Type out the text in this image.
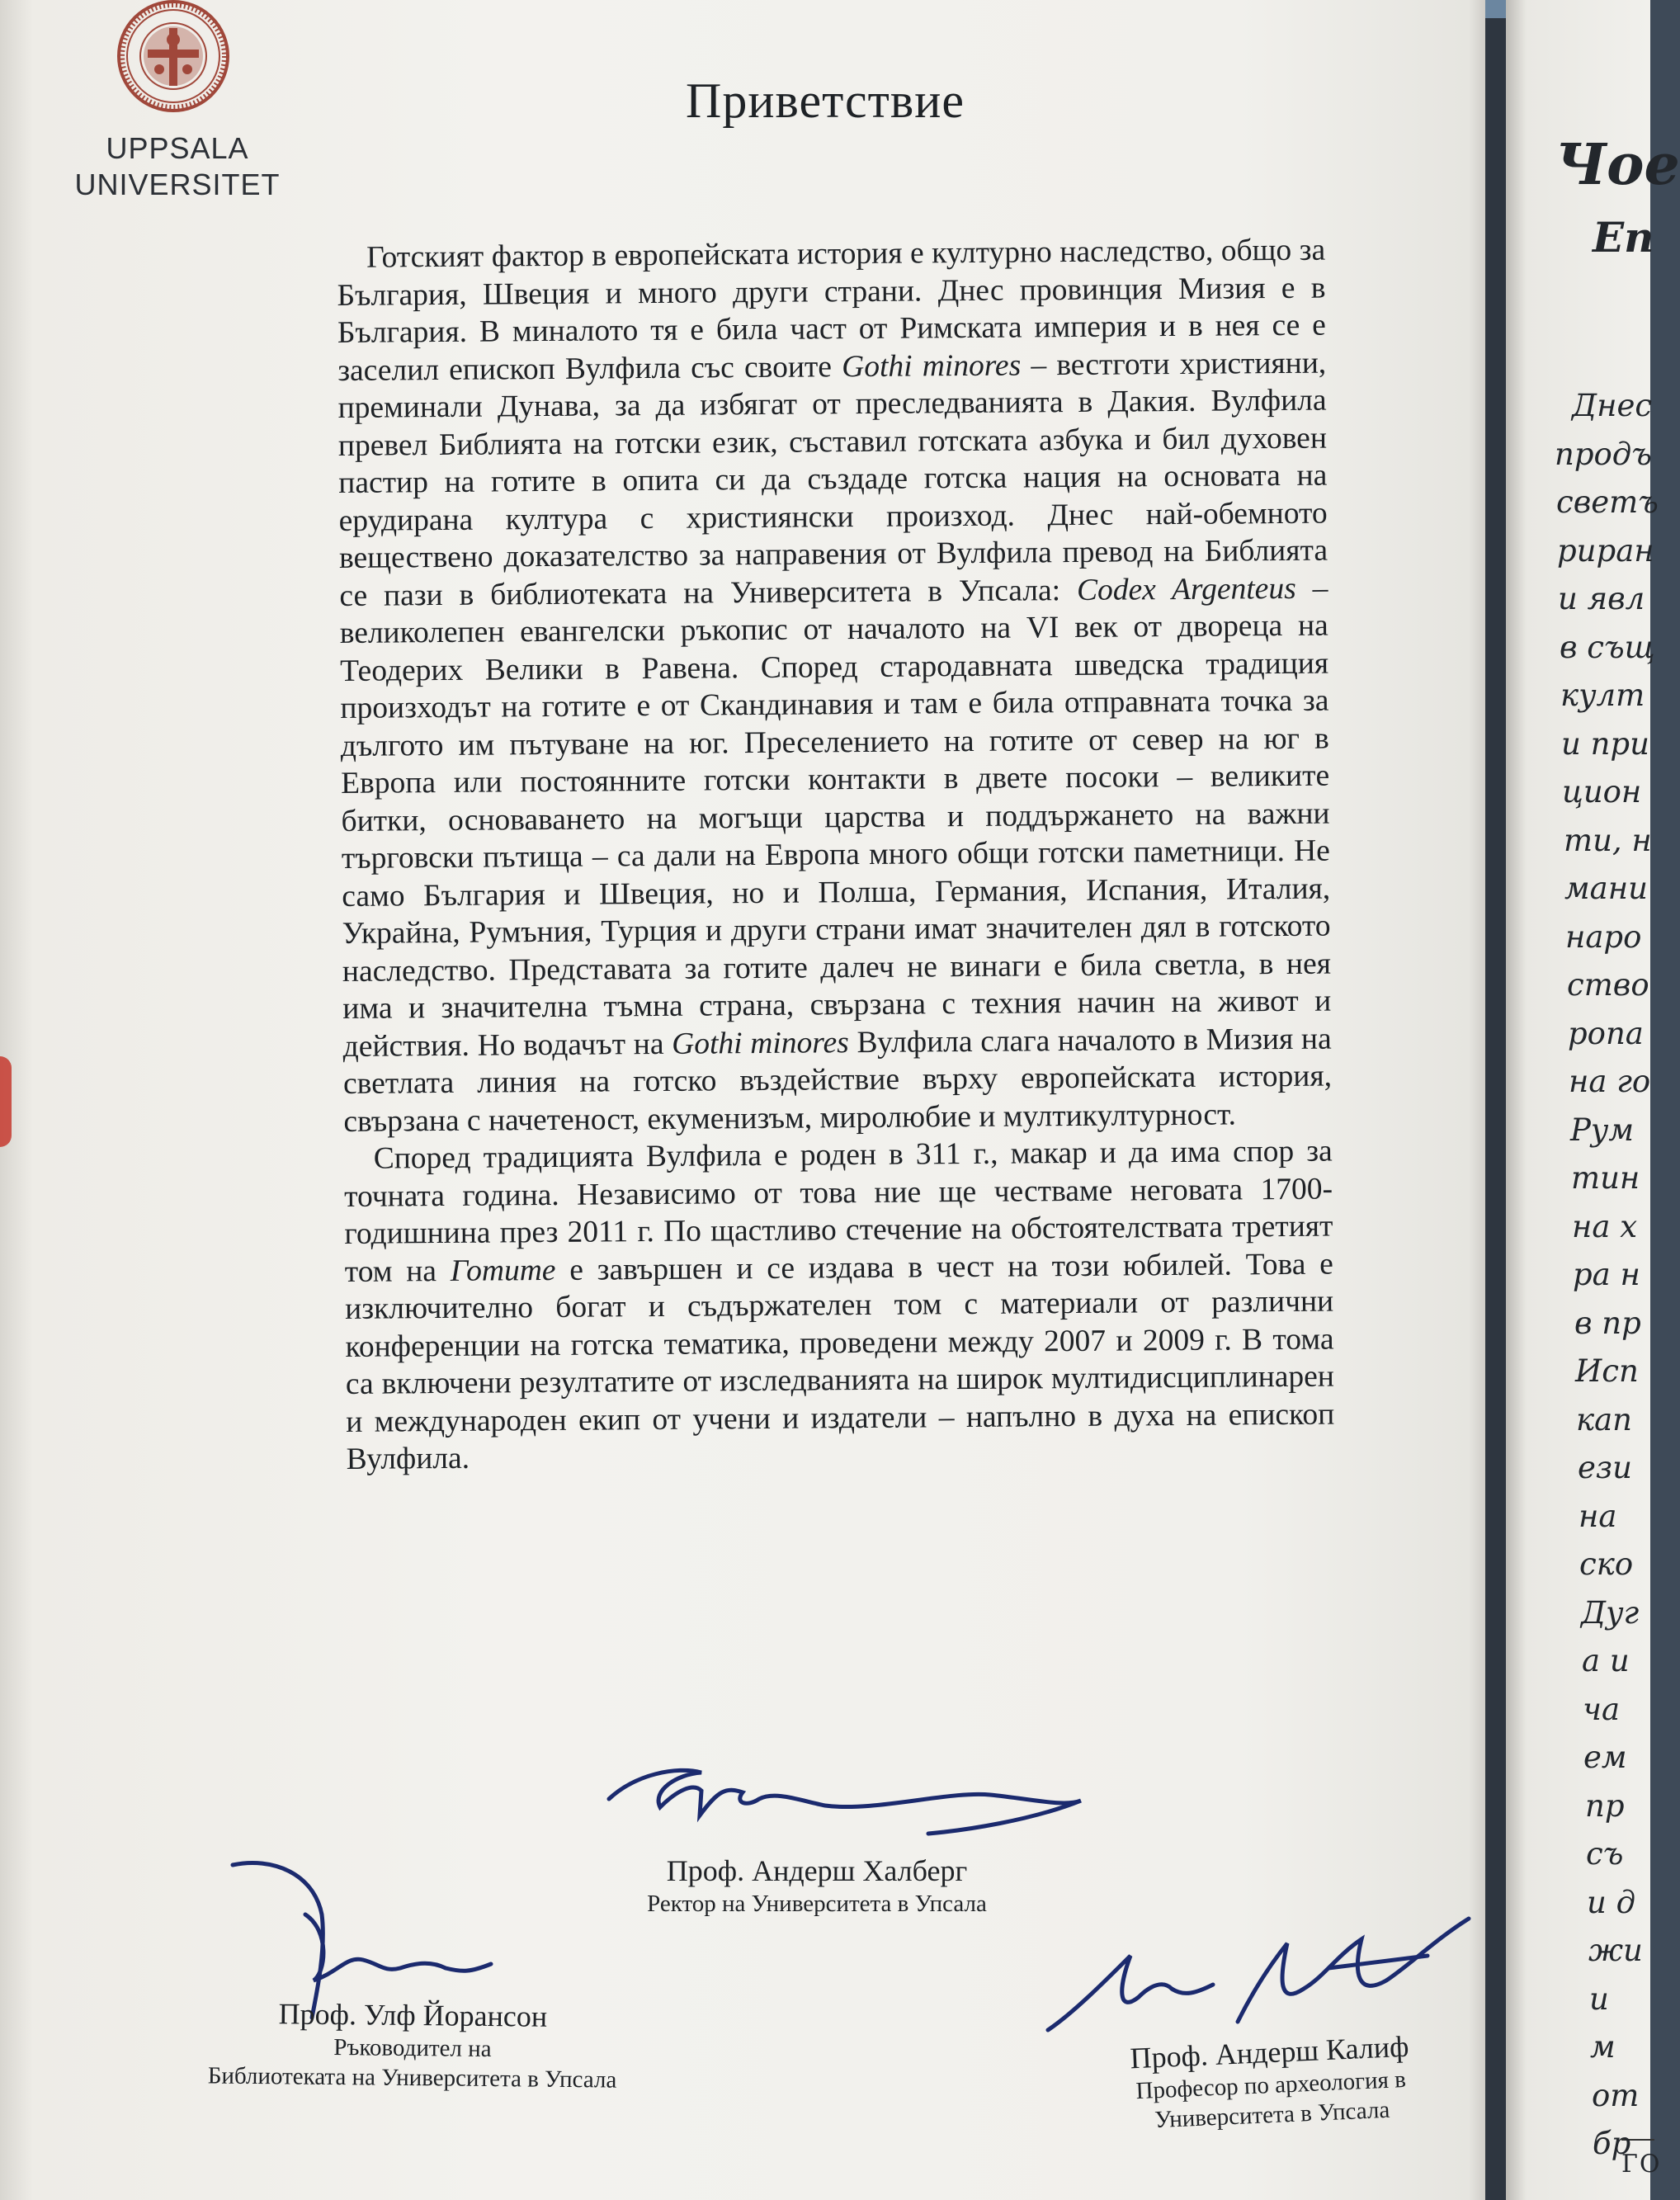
UPPSALA
UNIVERSITET
Приветствие

Готският фактор в европейската история е културно наследство, общо за България, Швеция и много други страни. Днес провинция Мизия е в България. В миналото тя е била част от Римската империя и в нея се е заселил епископ Вулфила със своите Gothi minores – вестготи християни, преминали Дунава, за да избягат от преследванията в Дакия. Вулфила превел Библията на готски език, съставил готската азбука и бил духовен пастир на готите в опита си да създаде готска нация на основата на ерудирана култура с християнски произход. Днес най-обемното веществено доказателство за направения от Вулфила превод на Библията се пази в библиотеката на Университета в Упсала: Codex Argenteus – великолепен евангелски ръкопис от началото на VI век от двореца на Теодерих Велики в Равена. Според стародавната шведска традиция произходът на готите е от Скандинавия и там е била отправната точка за дългото им пътуване на юг. Преселението на готите от север на юг в Европа или постоянните готски контакти в двете посоки – великите битки, основаването на могъщи царства и поддържането на важни търговски пътища – са дали на Европа много общи готски паметници. Не само България и Швеция, но и Полша, Германия, Испания, Италия, Украйна, Румъния, Турция и други страни имат значителен дял в готското наследство. Представата за готите далеч не винаги е била светла, в нея има и значителна тъмна страна, свързана с техния начин на живот и действия. Но водачът на Gothi minores Вулфила слага началото в Мизия на светлата линия на готско въздействие върху европейската история, свързана с начетеност, екуменизъм, миролюбие и мултикултурност.

Според традицията Вулфила е роден в 311 г., макар и да има спор за точната година. Независимо от това ние ще честваме неговата 1700-годишнина през 2011 г. По щастливо стечение на обстоятелствата третият том на Готите е завършен и се издава в чест на този юбилей. Това е изключително богат и съдържателен том с материали от различни конференции на готска тематика, проведени между 2007 и 2009 г. В тома са включени резултатите от изследванията на широк мултидисциплинарен и международен екип от учени и издатели – напълно в духа на епископ Вулфила.

Проф. Андерш Халберг
Ректор на Университета в Упсала
Проф. Улф Йорансон
Ръководител на
Библиотеката на Университета в Упсала
Проф. Андерш Калиф
Професор по археология в
Университета в Упсала
Чое
Еп
ГО
Днес
продъ
светъ
риран
и явл
в същ
култ
и при
цион
ти, н
мани
наро
ство
ропа
на го
Рум
тин
на х
ра н
в пр
Исп
кап
ези
на
ско
Дуг
а и
ча
ем
пр
съ
и д
жи
и
м
от
бр
